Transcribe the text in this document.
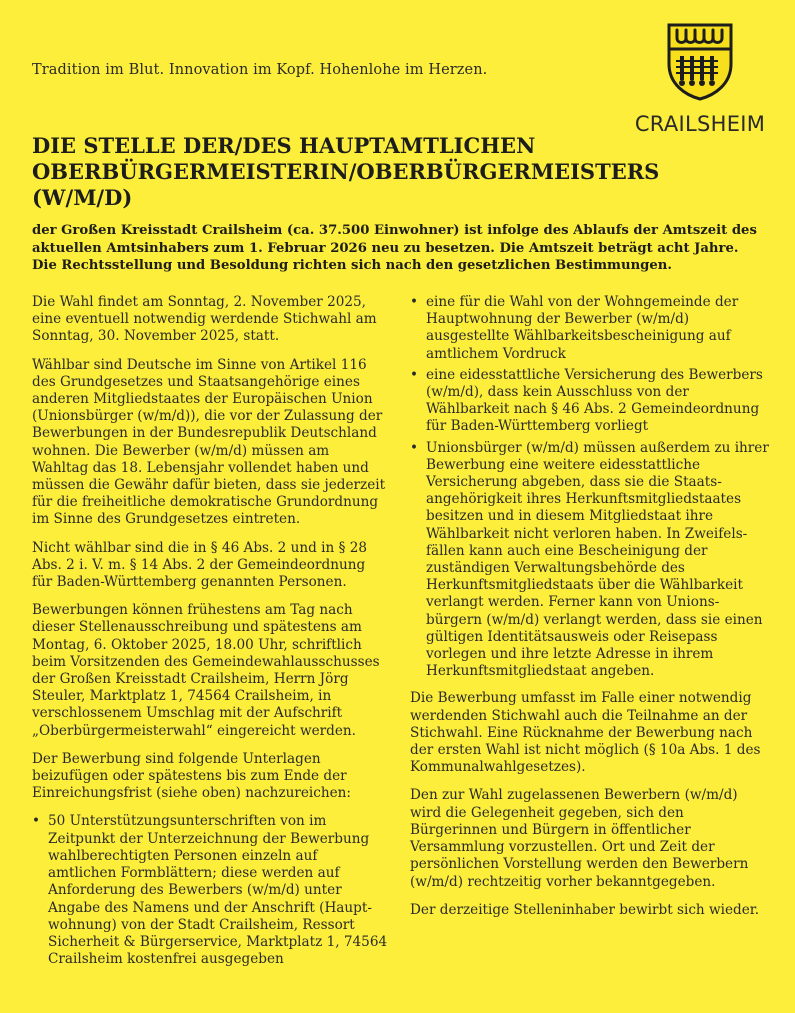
Tradition im Blut. Innovation im Kopf. Hohenlohe im Herzen.
CRAILSHEIM
DIE STELLE DER/DES HAUPTAMTLICHEN OBERBÜRGERMEISTERIN/OBERBÜRGERMEISTERS (W/M/D)

der Großen Kreisstadt Crailsheim (ca. 37.500 Einwohner) ist infolge des Ablaufs der Amtszeit des aktuellen Amtsinhabers zum 1. Februar 2026 neu zu besetzen. Die Amtszeit beträgt acht Jahre. Die Rechtsstellung und Besoldung richten sich nach den gesetzlichen Bestimmungen.

Die Wahl findet am Sonntag, 2. November 2025, eine eventuell notwendig werdende Stichwahl am Sonntag, 30. November 2025, statt.

Wählbar sind Deutsche im Sinne von Artikel 116 des Grundgesetzes und Staatsangehörige eines anderen Mitgliedstaates der Europäischen Union (Unionsbürger (w/m/d)), die vor der Zulassung der Bewerbungen in der Bundesrepublik Deutschland wohnen. Die Bewerber (w/m/d) müssen am Wahltag das 18. Lebensjahr vollendet haben und müssen die Gewähr dafür bieten, dass sie jederzeit für die freiheitliche demokratische Grundordnung im Sinne des Grundgesetzes eintreten.

Nicht wählbar sind die in § 46 Abs. 2 und in § 28 Abs. 2 i. V. m. § 14 Abs. 2 der Gemeindeordnung für Baden-Württemberg genannten Personen.

Bewerbungen können frühestens am Tag nach dieser Stellenausschreibung und spätestens am Montag, 6. Oktober 2025, 18.00 Uhr, schriftlich beim Vorsitzenden des Gemeindewahlausschusses der Großen Kreisstadt Crailsheim, Herrn Jörg Steuler, Marktplatz 1, 74564 Crailsheim, in verschlossenem Umschlag mit der Aufschrift „Oberbürgermeisterwahl“ eingereicht werden.

Der Bewerbung sind folgende Unterlagen beizufügen oder spätestens bis zum Ende der Einreichungsfrist (siehe oben) nachzureichen:

• 50 Unterstützungsunterschriften von im Zeitpunkt der Unterzeichnung der Bewerbung wahlberechtigten Personen einzeln auf amtlichen Formblättern; diese werden auf Anforderung des Bewerbers (w/m/d) unter Angabe des Namens und der Anschrift (Hauptwohnung) von der Stadt Crailsheim, Ressort Sicherheit & Bürgerservice, Marktplatz 1, 74564 Crailsheim kostenfrei ausgegeben
• eine für die Wahl von der Wohngemeinde der Hauptwohnung der Bewerber (w/m/d) ausgestellte Wählbarkeitsbescheinigung auf amtlichem Vordruck
• eine eidesstattliche Versicherung des Bewerbers (w/m/d), dass kein Ausschluss von der Wählbarkeit nach § 46 Abs. 2 Gemeindeordnung für Baden-Württemberg vorliegt
• Unionsbürger (w/m/d) müssen außerdem zu ihrer Bewerbung eine weitere eidesstattliche Versicherung abgeben, dass sie die Staatsangehörigkeit ihres Herkunftsmitgliedstaates besitzen und in diesem Mitgliedstaat ihre Wählbarkeit nicht verloren haben. In Zweifelsfällen kann auch eine Bescheinigung der zuständigen Verwaltungsbehörde des Herkunftsmitgliedstaats über die Wählbarkeit verlangt werden. Ferner kann von Unionsbürgern (w/m/d) verlangt werden, dass sie einen gültigen Identitätsausweis oder Reisepass vorlegen und ihre letzte Adresse in ihrem Herkunftsmitgliedstaat angeben.

Die Bewerbung umfasst im Falle einer notwendig werdenden Stichwahl auch die Teilnahme an der Stichwahl. Eine Rücknahme der Bewerbung nach der ersten Wahl ist nicht möglich (§ 10a Abs. 1 des Kommunalwahlgesetzes).

Den zur Wahl zugelassenen Bewerbern (w/m/d) wird die Gelegenheit gegeben, sich den Bürgerinnen und Bürgern in öffentlicher Versammlung vorzustellen. Ort und Zeit der persönlichen Vorstellung werden den Bewerbern (w/m/d) rechtzeitig vorher bekanntgegeben.

Der derzeitige Stelleninhaber bewirbt sich wieder.
